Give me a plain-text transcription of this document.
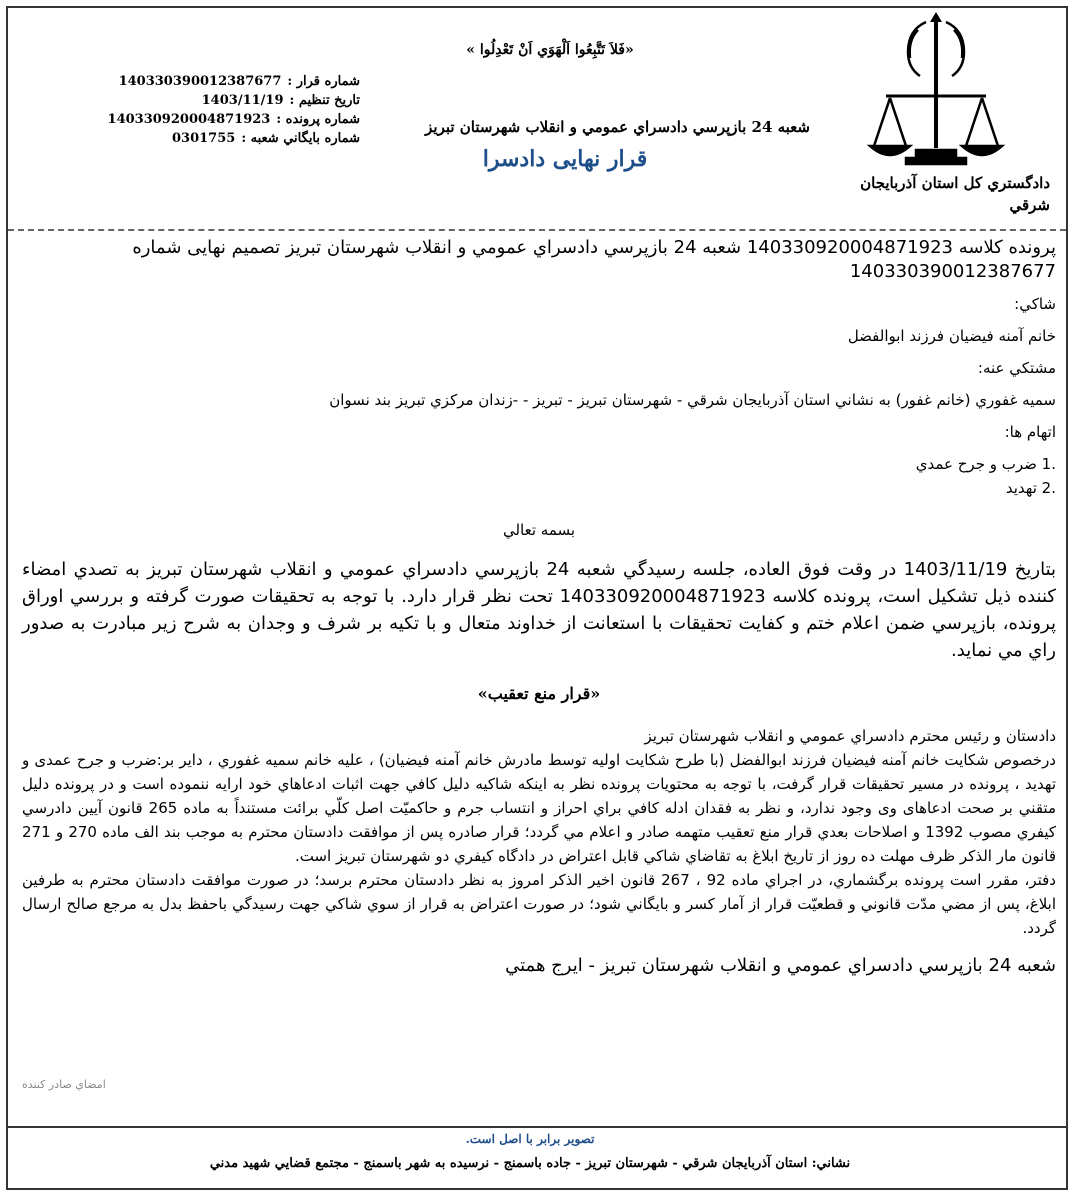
دادگستري كل استان آذربايجان
شرقي
«فَلاَ تَتَّبِعُوا اَلْهَوَي اَنْ تَعْدِلُوا »
شعبه 24 بازپرسي دادسراي عمومي و انقلاب شهرستان تبريز
قرار نهايى دادسرا
شماره قرار :
140330390012387677
تاريخ تنظيم :
1403/11/19
شماره پرونده :
140330920004871923
شماره بايگاني شعبه :
0301755

پرونده كلاسه 140330920004871923 شعبه 24 بازپرسي دادسراي عمومي و انقلاب شهرستان تبريز تصميم نهايى شماره 140330390012387677

شاكي:

خانم آمنه فيضيان فرزند ابوالفضل

مشتكي عنه:

سميه غفوري (خانم غفور) به نشاني استان آذربايجان شرقي - شهرستان تبريز - تبريز - -زندان مركزي تبريز بند نسوان

اتهام ها:

.1 ضرب و جرح عمدي

.2 تهديد

بسمه تعالي

بتاريخ 1403/11/19 در وقت فوق العاده، جلسه رسيدگي شعبه 24 بازپرسي دادسراي عمومي و انقلاب شهرستان تبريز به تصدي امضاء كننده ذيل تشكيل است، پرونده كلاسه 140330920004871923 تحت نظر قرار دارد. با توجه به تحقيقات صورت گرفته و بررسي اوراق پرونده، بازپرسي ضمن اعلام ختم و كفايت تحقيقات با استعانت از خداوند متعال و با تكيه بر شرف و وجدان به شرح زير مبادرت به صدور راي مي نمايد.

«قرار منع تعقيب»

دادستان و رئيس محترم دادسراي عمومي و انقلاب شهرستان تبريز

درخصوص شكايت خانم آمنه فيضيان فرزند ابوالفضل (با طرح شكايت اوليه توسط مادرش خانم آمنه فيضيان) ، عليه خانم سميه غفوري ، داير بر:ضرب و جرح عمدی و تهديد ، پرونده در مسير تحقيقات قرار گرفت، با توجه به محتويات پرونده نظر به اينكه شاكيه دليل كافي جهت اثبات ادعاهاي خود ارايه ننموده است و در پرونده دليل متقني بر صحت ادعاهای وی وجود ندارد، و نظر به فقدان ادله كافي براي احراز و انتساب جرم و حاكميّت اصل كلّي برائت مستنداً به ماده 265 قانون آيين دادرسي كيفري مصوب 1392 و اصلاحات بعدي قرار منع تعقيب متهمه صادر و اعلام مي گردد؛ قرار صادره پس از موافقت دادستان محترم به موجب بند الف ماده 270 و 271 قانون مار الذكر ظرف مهلت ده روز از تاريخ ابلاغ به تقاضاي شاكي قابل اعتراض در دادگاه كيفري دو شهرستان تبريز است.

دفتر، مقرر است پرونده برگشماري، در اجراي ماده 92 ، 267 قانون اخير الذكر امروز به نظر دادستان محترم برسد؛ در صورت موافقت دادستان محترم به طرفين ابلاغ، پس از مضي مدّت قانوني و قطعيّت قرار از آمار كسر و بايگاني شود؛ در صورت اعتراض به قرار از سوي شاكي جهت رسيدگي باحفظ بدل به مرجع صالح ارسال گردد.

شعبه 24 بازپرسي دادسراي عمومي و انقلاب شهرستان تبريز - ايرج همتي

امضاي صادر كننده
تصوير برابر با اصل است.
نشاني: استان آذربايجان شرقي - شهرستان تبريز - جاده باسمنج - نرسيده به شهر باسمنج - مجتمع قضايي شهيد مدني
